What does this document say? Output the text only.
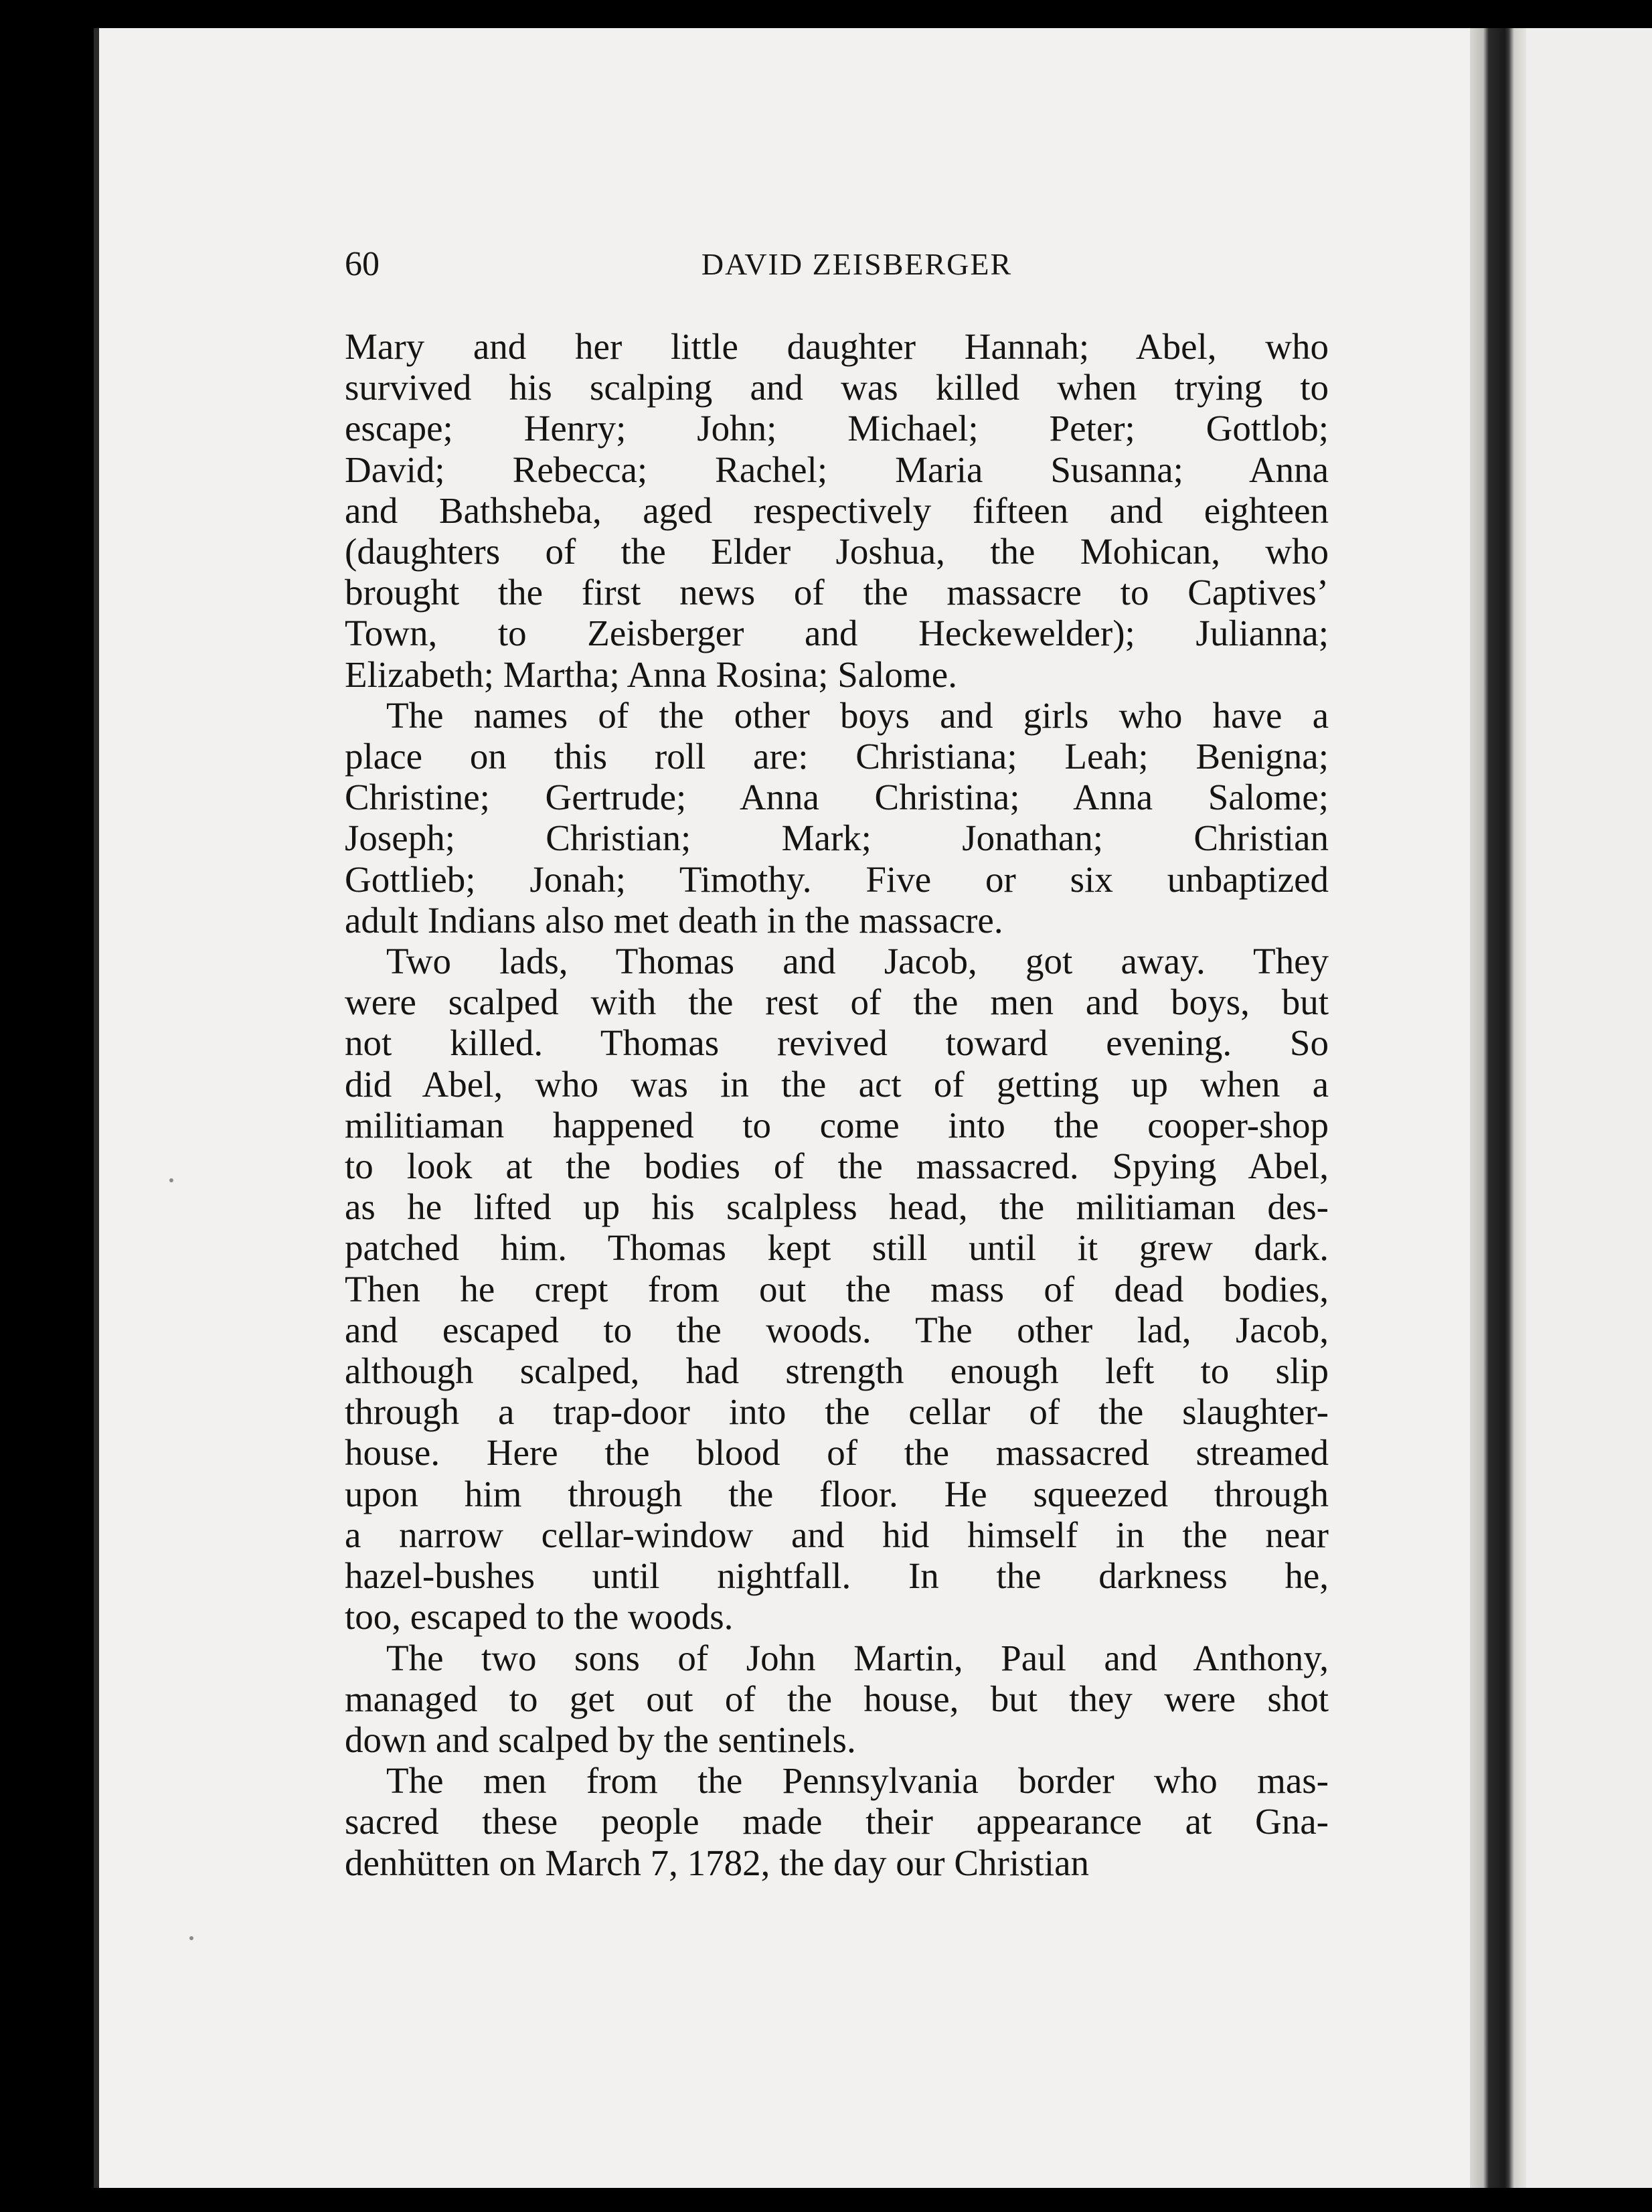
60	DAVID ZEISBERGER
Mary and her little daughter Hannah; Abel, who
survived his scalping and was killed when trying to
escape; Henry; John; Michael; Peter; Gottlob;
David; Rebecca; Rachel; Maria Susanna; Anna
and Bathsheba, aged respectively fifteen and eighteen
(daughters of the Elder Joshua, the Mohican, who
brought the first news of the massacre to Captives’
Town, to Zeisberger and Heckewelder); Julianna;
Elizabeth; Martha; Anna Rosina; Salome.
The names of the other boys and girls who have a
place on this roll are: Christiana; Leah; Benigna;
Christine; Gertrude; Anna Christina; Anna Salome;
Joseph; Christian; Mark; Jonathan; Christian
Gottlieb; Jonah; Timothy. Five or six unbaptized
adult Indians also met death in the massacre.
Two lads, Thomas and Jacob, got away. They
were scalped with the rest of the men and boys, but
not killed. Thomas revived toward evening. So
did Abel, who was in the act of getting up when a
militiaman happened to come into the cooper-shop
to look at the bodies of the massacred. Spying Abel,
as he lifted up his scalpless head, the militiaman des-
patched him. Thomas kept still until it grew dark.
Then he crept from out the mass of dead bodies,
and escaped to the woods. The other lad, Jacob,
although scalped, had strength enough left to slip
through a trap-door into the cellar of the slaughter-
house. Here the blood of the massacred streamed
upon him through the floor. He squeezed through
a narrow cellar-window and hid himself in the near
hazel-bushes until nightfall. In the darkness he,
too, escaped to the woods.
The two sons of John Martin, Paul and Anthony,
managed to get out of the house, but they were shot
down and scalped by the sentinels.
The men from the Pennsylvania border who mas-
sacred these people made their appearance at Gna-
denhütten on March 7, 1782, the day our Christian
